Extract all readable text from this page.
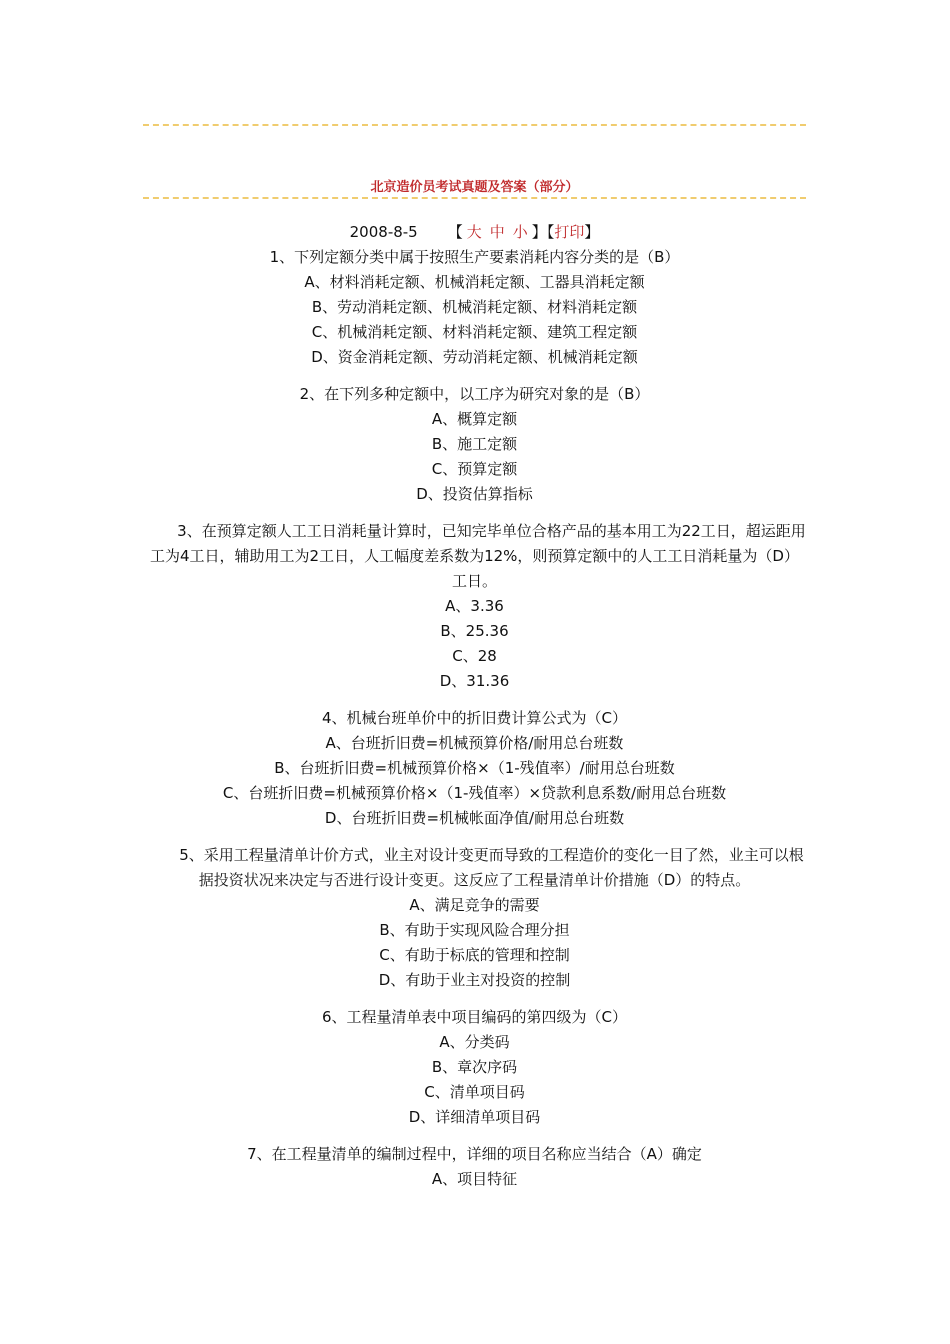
北京造价员考试真题及答案（部分）

2008-8-5 【 大 中 小 】【打印】

1、下列定额分类中属于按照生产要素消耗内容分类的是（B）

A、材料消耗定额、机械消耗定额、工器具消耗定额

B、劳动消耗定额、机械消耗定额、材料消耗定额

C、机械消耗定额、材料消耗定额、建筑工程定额

D、资金消耗定额、劳动消耗定额、机械消耗定额

2、在下列多种定额中，以工序为研究对象的是（B）

A、概算定额

B、施工定额

C、预算定额

D、投资估算指标

3、在预算定额人工工日消耗量计算时，已知完毕单位合格产品的基本用工为22工日，超运距用工为4工日，辅助用工为2工日，人工幅度差系数为12%，则预算定额中的人工工日消耗量为（D）工日。

A、3.36

B、25.36

C、28

D、31.36

4、机械台班单价中的折旧费计算公式为（C）

A、台班折旧费=机械预算价格/耐用总台班数

B、台班折旧费=机械预算价格×（1-残值率）/耐用总台班数

C、台班折旧费=机械预算价格×（1-残值率）×贷款利息系数/耐用总台班数

D、台班折旧费=机械帐面净值/耐用总台班数

5、采用工程量清单计价方式，业主对设计变更而导致的工程造价的变化一目了然，业主可以根据投资状况来决定与否进行设计变更。这反应了工程量清单计价措施（D）的特点。

A、满足竞争的需要

B、有助于实现风险合理分担

C、有助于标底的管理和控制

D、有助于业主对投资的控制

6、工程量清单表中项目编码的第四级为（C）

A、分类码

B、章次序码

C、清单项目码

D、详细清单项目码

7、在工程量清单的编制过程中，详细的项目名称应当结合（A）确定

A、项目特征
